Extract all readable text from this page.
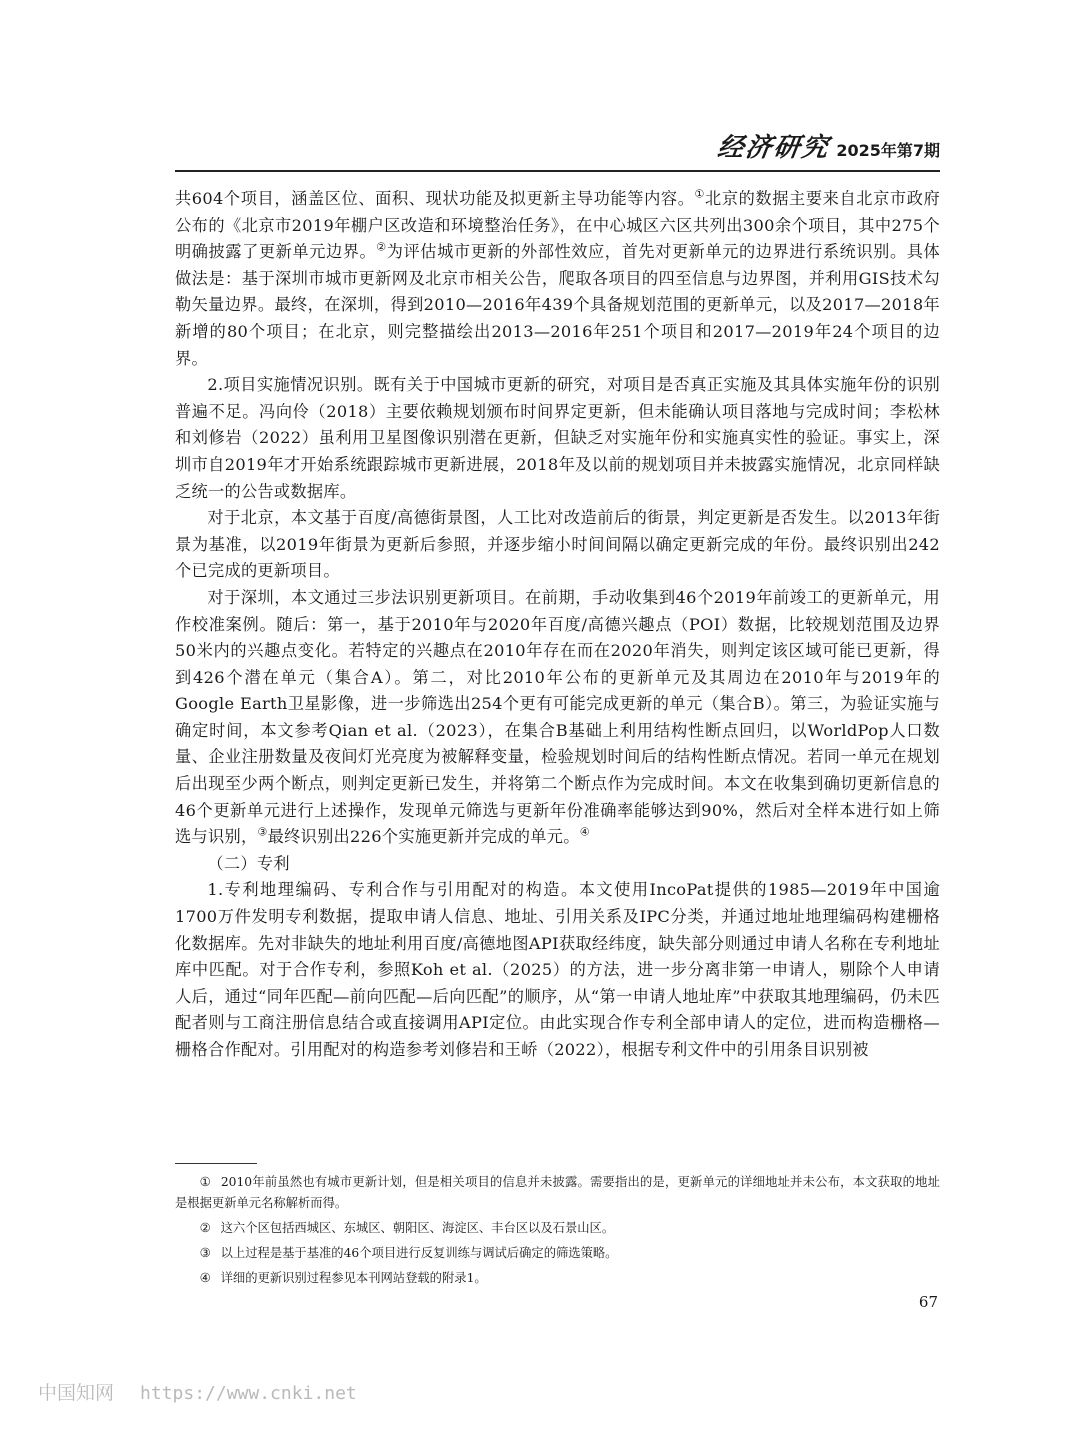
经济研究 2025年第7期

共604个项目，涵盖区位、面积、现状功能及拟更新主导功能等内容。①北京的数据主要来自北京市政府公布的《北京市2019年棚户区改造和环境整治任务》，在中心城区六区共列出300余个项目，其中275个明确披露了更新单元边界。②为评估城市更新的外部性效应，首先对更新单元的边界进行系统识别。具体做法是：基于深圳市城市更新网及北京市相关公告，爬取各项目的四至信息与边界图，并利用GIS技术勾勒矢量边界。最终，在深圳，得到2010—2016年439个具备规划范围的更新单元，以及2017—2018年新增的80个项目；在北京，则完整描绘出2013—2016年251个项目和2017—2019年24个项目的边界。

2.项目实施情况识别。既有关于中国城市更新的研究，对项目是否真正实施及其具体实施年份的识别普遍不足。冯向伶（2018）主要依赖规划颁布时间界定更新，但未能确认项目落地与完成时间；李松林和刘修岩（2022）虽利用卫星图像识别潜在更新，但缺乏对实施年份和实施真实性的验证。事实上，深圳市自2019年才开始系统跟踪城市更新进展，2018年及以前的规划项目并未披露实施情况，北京同样缺乏统一的公告或数据库。

对于北京，本文基于百度/高德街景图，人工比对改造前后的街景，判定更新是否发生。以2013年街景为基准，以2019年街景为更新后参照，并逐步缩小时间间隔以确定更新完成的年份。最终识别出242个已完成的更新项目。

对于深圳，本文通过三步法识别更新项目。在前期，手动收集到46个2019年前竣工的更新单元，用作校准案例。随后：第一，基于2010年与2020年百度/高德兴趣点（POI）数据，比较规划范围及边界50米内的兴趣点变化。若特定的兴趣点在2010年存在而在2020年消失，则判定该区域可能已更新，得到426个潜在单元（集合A）。第二，对比2010年公布的更新单元及其周边在2010年与2019年的Google Earth卫星影像，进一步筛选出254个更有可能完成更新的单元（集合B）。第三，为验证实施与确定时间，本文参考Qian et al.（2023），在集合B基础上利用结构性断点回归，以WorldPop人口数量、企业注册数量及夜间灯光亮度为被解释变量，检验规划时间后的结构性断点情况。若同一单元在规划后出现至少两个断点，则判定更新已发生，并将第二个断点作为完成时间。本文在收集到确切更新信息的46个更新单元进行上述操作，发现单元筛选与更新年份准确率能够达到90%，然后对全样本进行如上筛选与识别，③最终识别出226个实施更新并完成的单元。④

（二）专利

1.专利地理编码、专利合作与引用配对的构造。本文使用IncoPat提供的1985—2019年中国逾1700万件发明专利数据，提取申请人信息、地址、引用关系及IPC分类，并通过地址地理编码构建栅格化数据库。先对非缺失的地址利用百度/高德地图API获取经纬度，缺失部分则通过申请人名称在专利地址库中匹配。对于合作专利，参照Koh et al.（2025）的方法，进一步分离非第一申请人，剔除个人申请人后，通过“同年匹配—前向匹配—后向匹配”的顺序，从“第一申请人地址库”中获取其地理编码，仍未匹配者则与工商注册信息结合或直接调用API定位。由此实现合作专利全部申请人的定位，进而构造栅格—栅格合作配对。引用配对的构造参考刘修岩和王峤（2022），根据专利文件中的引用条目识别被

① 2010年前虽然也有城市更新计划，但是相关项目的信息并未披露。需要指出的是，更新单元的详细地址并未公布，本文获取的地址是根据更新单元名称解析而得。

② 这六个区包括西城区、东城区、朝阳区、海淀区、丰台区以及石景山区。

③ 以上过程是基于基准的46个项目进行反复训练与调试后确定的筛选策略。

④ 详细的更新识别过程参见本刊网站登载的附录1。

67
中国知网 https://www.cnki.net
